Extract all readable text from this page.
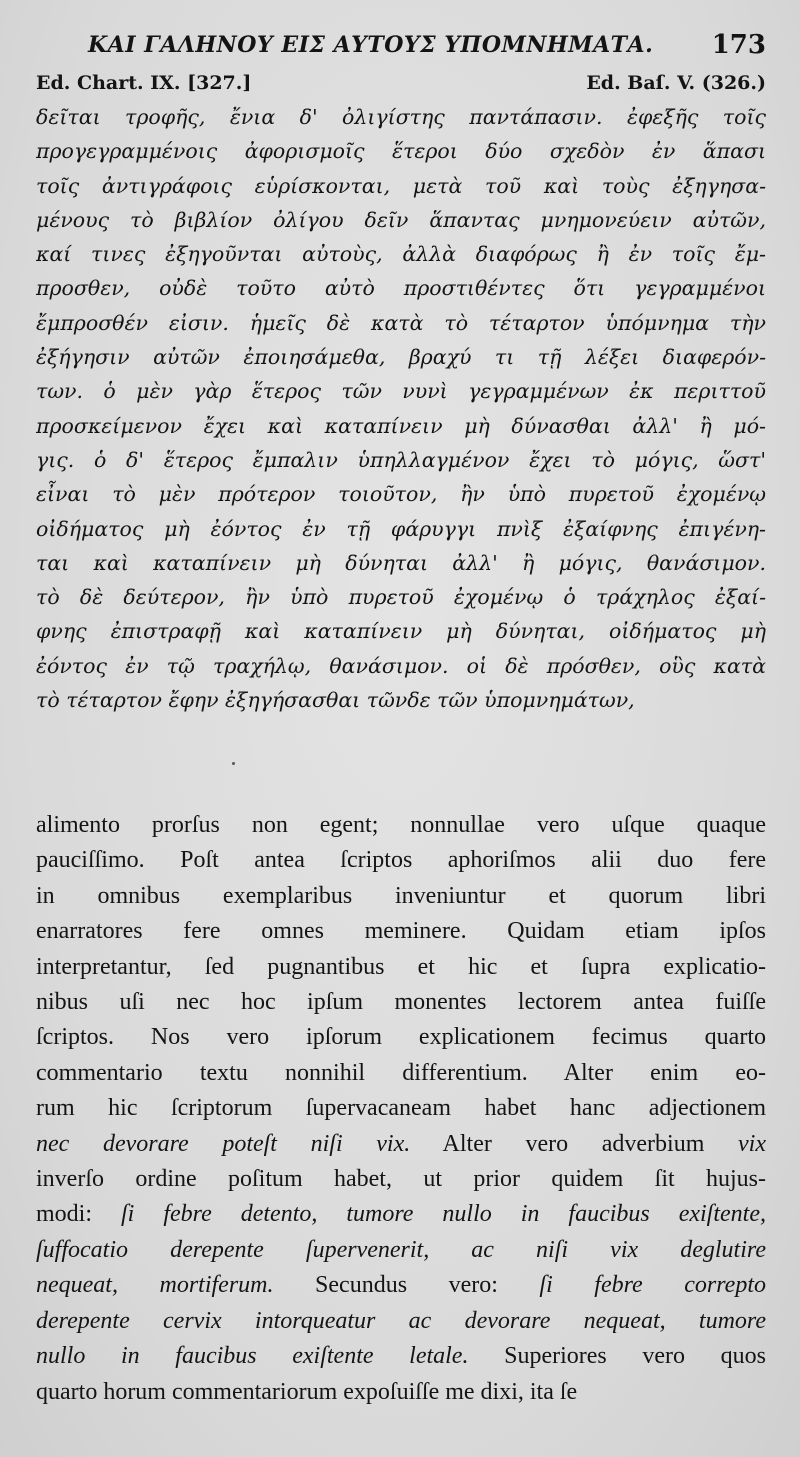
ΚΑΙ ΓΑΛΗΝΟΥ ΕΙΣ ΑΥΤΟΥΣ ΥΠΟΜΝΗΜΑΤΑ. 173
Ed. Chart. IX. [327.]	Ed. Baſ. V. (326.)
δεῖται τροφῆς, ἔνια δ' ὀλιγίστης παντάπασιν. ἐφεξῆς τοῖς
προγεγραμμένοις ἀφορισμοῖς ἕτεροι δύο σχεδὸν ἐν ἅπασι
τοῖς ἀντιγράφοις εὑρίσκονται, μετὰ τοῦ καὶ τοὺς ἐξηγησα-
μένους τὸ βιβλίον ὀλίγου δεῖν ἅπαντας μνημονεύειν αὐτῶν,
καί τινες ἐξηγοῦνται αὐτοὺς, ἀλλὰ διαφόρως ἢ ἐν τοῖς ἔμ-
προσθεν, οὐδὲ τοῦτο αὐτὸ προστιθέντες ὅτι γεγραμμένοι
ἔμπροσθέν εἰσιν. ἡμεῖς δὲ κατὰ τὸ τέταρτον ὑπόμνημα τὴν
ἐξήγησιν αὐτῶν ἐποιησάμεθα, βραχύ τι τῇ λέξει διαφερόν-
των. ὁ μὲν γὰρ ἕτερος τῶν νυνὶ γεγραμμένων ἐκ περιττοῦ
προσκείμενον ἔχει καὶ καταπίνειν μὴ δύνασθαι ἀλλ' ἢ μό-
γις. ὁ δ' ἕτερος ἔμπαλιν ὑπηλλαγμένον ἔχει τὸ μόγις, ὥστ'
εἶναι τὸ μὲν πρότερον τοιοῦτον, ἢν ὑπὸ πυρετοῦ ἐχομένῳ
οἰδήματος μὴ ἐόντος ἐν τῇ φάρυγγι πνὶξ ἐξαίφνης ἐπιγένη-
ται καὶ καταπίνειν μὴ δύνηται ἀλλ' ἢ μόγις, θανάσιμον.
τὸ δὲ δεύτερον, ἢν ὑπὸ πυρετοῦ ἐχομένῳ ὁ τράχηλος ἐξαί-
φνης ἐπιστραφῇ καὶ καταπίνειν μὴ δύνηται, οἰδήματος μὴ
ἐόντος ἐν τῷ τραχήλῳ, θανάσιμον. οἱ δὲ πρόσθεν, οὓς κατὰ
τὸ τέταρτον ἔφην ἐξηγήσασθαι τῶνδε τῶν ὑπομνημάτων,
alimento prorſus non egent; nonnullae vero uſque quaque
pauciſſimo. Poſt antea ſcriptos aphoriſmos alii duo fere
in omnibus exemplaribus inveniuntur et quorum libri
enarratores fere omnes meminere. Quidam etiam ipſos
interpretantur, ſed pugnantibus et hic et ſupra explicatio-
nibus uſi nec hoc ipſum monentes lectorem antea fuiſſe
ſcriptos. Nos vero ipſorum explicationem fecimus quarto
commentario textu nonnihil differentium. Alter enim eo-
rum hic ſcriptorum ſupervacaneam habet hanc adjectionem
nec devorare poteſt niſi vix. Alter vero adverbium vix
inverſo ordine poſitum habet, ut prior quidem ſit hujus-
modi: ſi febre detento, tumore nullo in faucibus exiſtente,
ſuffocatio derepente ſupervenerit, ac niſi vix deglutire
nequeat, mortiferum. Secundus vero: ſi febre correpto
derepente cervix intorqueatur ac devorare nequeat, tumore
nullo in faucibus exiſtente letale. Superiores vero quos
quarto horum commentariorum expoſuiſſe me dixi, ita ſe
